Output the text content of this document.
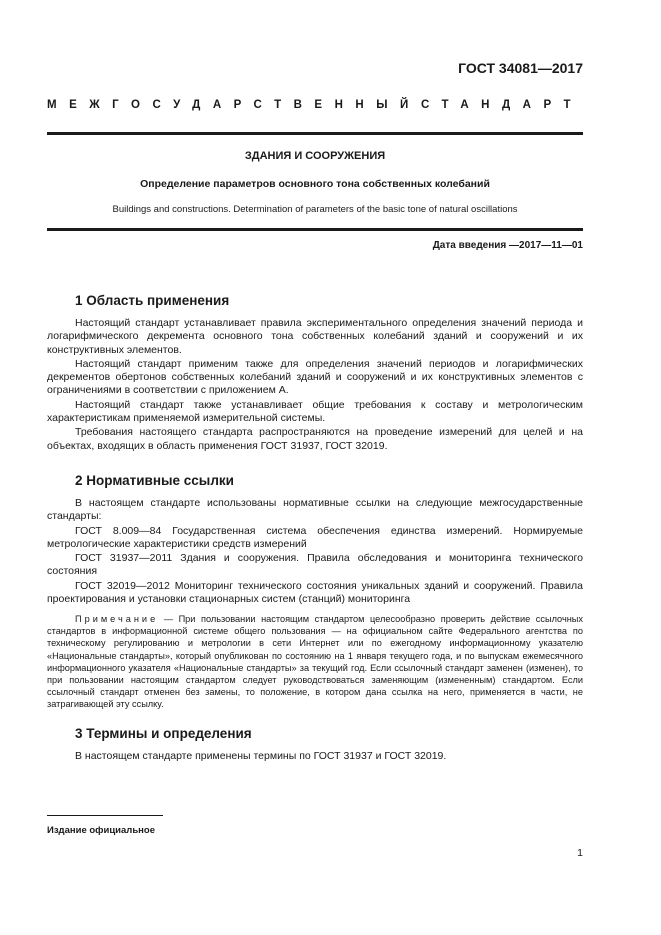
ГОСТ 34081—2017
МЕЖГОСУДАРСТВЕННЫЙ СТАНДАРТ
ЗДАНИЯ И СООРУЖЕНИЯ
Определение параметров основного тона собственных колебаний
Buildings and constructions. Determination of parameters of the basic tone of natural oscillations
Дата введения —2017—11—01
1 Область применения

Настоящий стандарт устанавливает правила экспериментального определения значений периода и логарифмического декремента основного тона собственных колебаний зданий и сооружений и их конструктивных элементов.

Настоящий стандарт применим также для определения значений периодов и логарифмических декрементов обертонов собственных колебаний зданий и сооружений и их конструктивных элементов с ограничениями в соответствии с приложением А.

Настоящий стандарт также устанавливает общие требования к составу и метрологическим характеристикам применяемой измерительной системы.

Требования настоящего стандарта распространяются на проведение измерений для целей и на объектах, входящих в область применения ГОСТ 31937, ГОСТ 32019.

2 Нормативные ссылки

В настоящем стандарте использованы нормативные ссылки на следующие межгосударственные стандарты:

ГОСТ 8.009—84 Государственная система обеспечения единства измерений. Нормируемые метрологические характеристики средств измерений

ГОСТ 31937—2011 Здания и сооружения. Правила обследования и мониторинга технического состояния

ГОСТ 32019—2012 Мониторинг технического состояния уникальных зданий и сооружений. Правила проектирования и установки стационарных систем (станций) мониторинга

Примечание — При пользовании настоящим стандартом целесообразно проверить действие ссылочных стандартов в информационной системе общего пользования — на официальном сайте Федерального агентства по техническому регулированию и метрологии в сети Интернет или по ежегодному информационному указателю «Национальные стандарты», который опубликован по состоянию на 1 января текущего года, и по выпускам ежемесячного информационного указателя «Национальные стандарты» за текущий год. Если ссылочный стандарт заменен (изменен), то при пользовании настоящим стандартом следует руководствоваться заменяющим (измененным) стандартом. Если ссылочный стандарт отменен без замены, то положение, в котором дана ссылка на него, применяется в части, не затрагивающей эту ссылку.
3 Термины и определения

В настоящем стандарте применены термины по ГОСТ 31937 и ГОСТ 32019.

Издание официальное
1
